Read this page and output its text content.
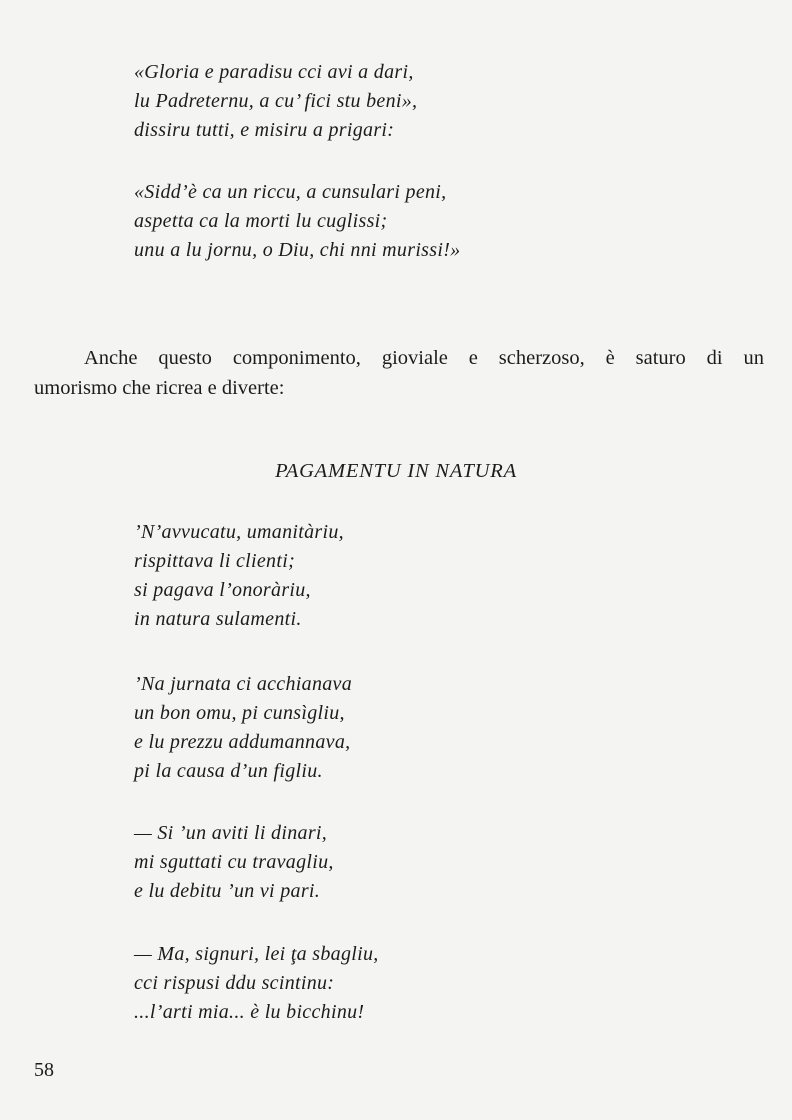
«Gloria e paradisu cci avi a dari,
lu Padreternu, a cu’ fici stu beni»,
dissiru tutti, e misiru a prigari:
«Sidd’è ca un riccu, a cunsulari peni,
aspetta ca la morti lu cuglissi;
unu a lu jornu, o Diu, chi nni murissi!»
Anche questo componimento, gioviale e scherzoso, è saturo di un
umorismo che ricrea e diverte:
PAGAMENTU IN NATURA
’N’avvucatu, umanitàriu,
rispittava li clienti;
si pagava l’onoràriu,
in natura sulamenti.
’Na jurnata ci acchianava
un bon omu, pi cunsìgliu,
e lu prezzu addumannava,
pi la causa d’un figliu.
— Si ’un aviti li dinari,
mi sguttati cu travagliu,
e lu debitu ’un vi pari.
— Ma, signuri, lei ţa sbagliu,
cci rispusi ddu scintinu:
...l’arti mia... è lu bicchinu!
58
